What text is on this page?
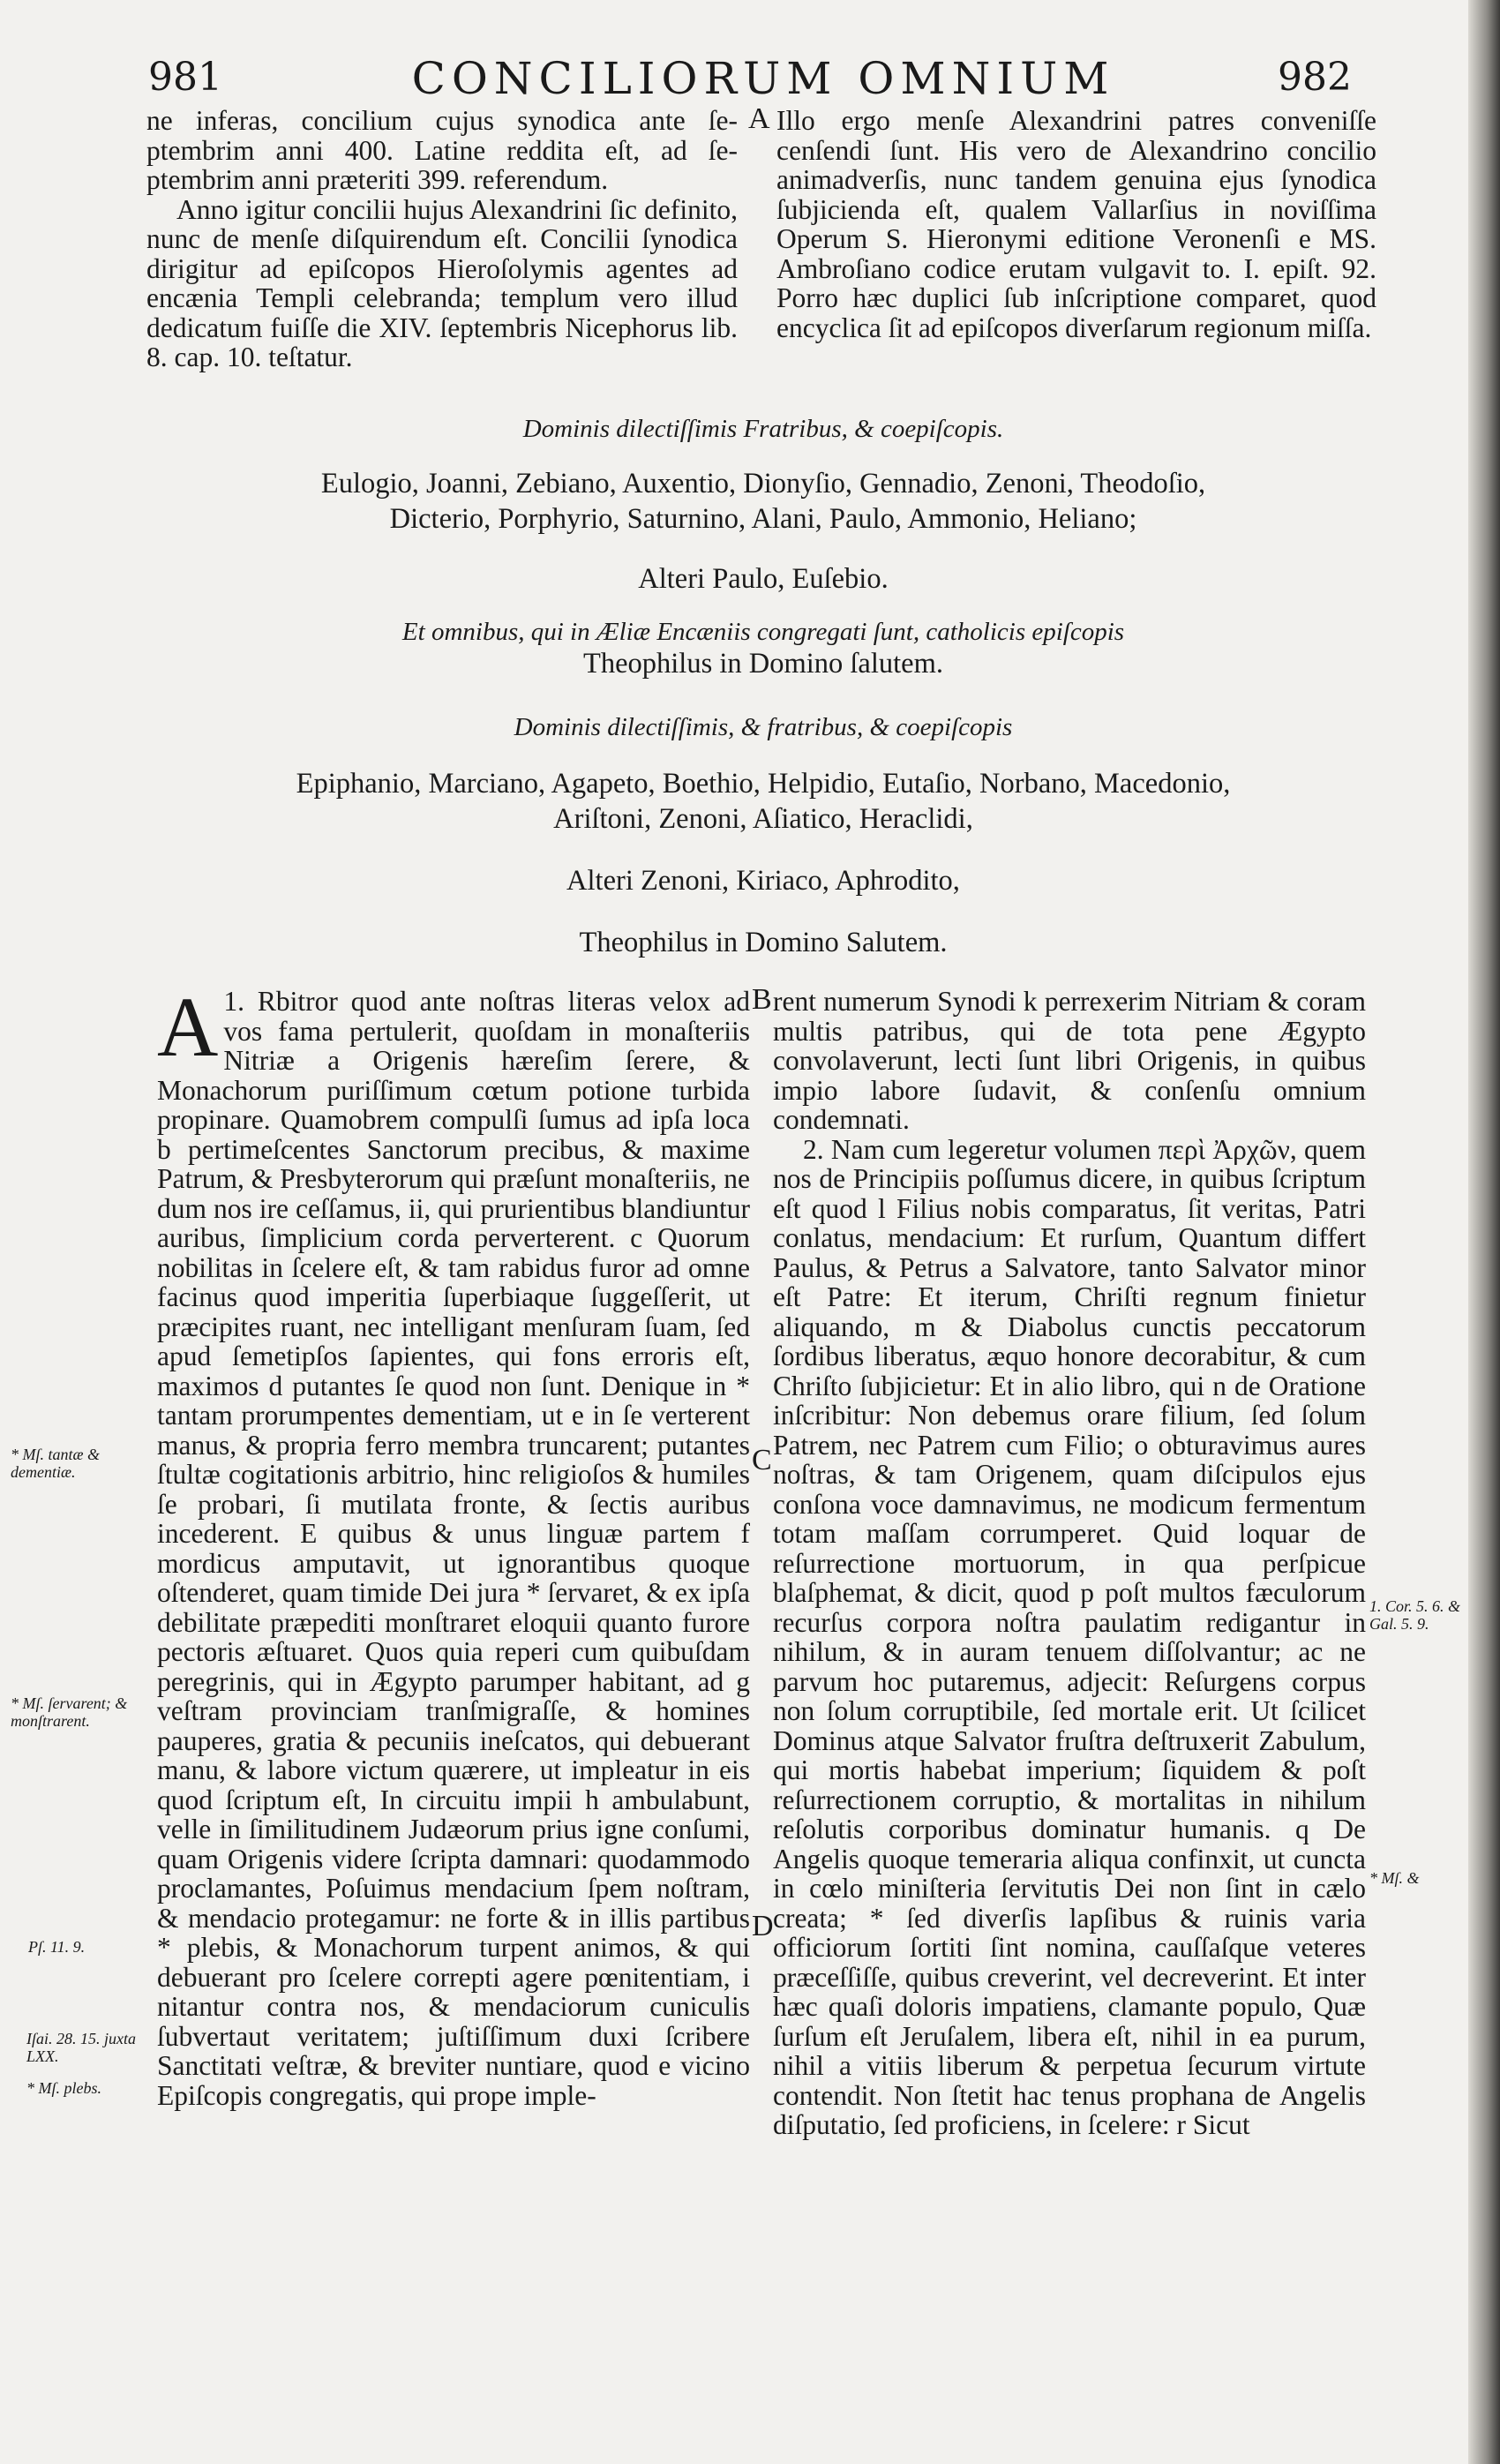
981	CONCILIORUM OMNIUM	982

ne inferas, concilium cujus synodica ante ſe-ptembrim anni 400. Latine reddita eſt, ad ſe-ptembrim anni præteriti 399. referendum.

Anno igitur concilii hujus Alexandrini ſic definito, nunc de menſe diſquirendum eſt. Concilii ſynodica dirigitur ad epiſcopos Hieroſolymis agentes ad encænia Templi celebranda; templum vero illud dedicatum fuiſſe die XIV. ſeptembris Nicephorus lib. 8. cap. 10. teſtatur.

A Illo ergo menſe Alexandrini patres conveniſſe cenſendi ſunt. His vero de Alexandrino concilio animadverſis, nunc tandem genuina ejus ſynodica ſubjicienda eſt, qualem Vallarſius in noviſſima Operum S. Hieronymi editione Veronenſi e MS. Ambroſiano codice erutam vulgavit to. I. epiſt. 92. Porro hæc duplici ſub inſcriptione comparet, quod encyclica ſit ad epiſcopos diverſarum regionum miſſa.

Dominis dilectiſſimis Fratribus, & coepiſcopis.
Eulogio, Joanni, Zebiano, Auxentio, Dionyſio, Gennadio, Zenoni, Theodoſio,
Dicterio, Porphyrio, Saturnino, Alani, Paulo, Ammonio, Heliano;
Alteri Paulo, Euſebio.
Et omnibus, qui in Æliæ Encæniis congregati ſunt, catholicis epiſcopis
Theophilus in Domino ſalutem.
Dominis dilectiſſimis, & fratribus, & coepiſcopis
Epiphanio, Marciano, Agapeto, Boethio, Helpidio, Eutaſio, Norbano, Macedonio,
Ariſtoni, Zenoni, Aſiatico, Heraclidi,
Alteri Zenoni, Kiriaco, Aphrodito,
Theophilus in Domino Salutem.
* Mſ. tantæ & dementiæ.
* Mſ. ſervarent; & monſtrarent.
Pſ. 11. 9.
Iſai. 28. 15. juxta LXX.
* Mſ. plebs.

1.
A Rbitror quod ante noſtras literas velox ad vos fama pertulerit, quoſdam in monaſteriis Nitriæ a Origenis hæreſim ſerere, & Monachorum puriſſimum cœtum potione turbida propinare. Quamobrem compulſi ſumus ad ipſa loca b pertimeſcentes Sanctorum precibus, & maxime Patrum, & Presbyterorum qui præſunt monaſteriis, ne dum nos ire ceſſamus, ii, qui prurientibus blandiuntur auribus, ſimplicium corda perverterent. c Quorum nobilitas in ſcelere eſt, & tam rabidus furor ad omne facinus quod imperitia ſuperbiaque ſuggeſſerit, ut præcipites ruant, nec intelligant menſuram ſuam, ſed apud ſemetipſos ſapientes, qui fons erroris eſt, maximos d putantes ſe quod non ſunt. Denique in * tantam prorumpentes dementiam, ut e in ſe verterent manus, & propria ferro membra truncarent; putantes ſtultæ cogitationis arbitrio, hinc religioſos & humiles ſe probari, ſi mutilata fronte, & ſectis auribus incederent. E quibus & unus linguæ partem f mordicus amputavit, ut ignorantibus quoque oſtenderet, quam timide Dei jura * ſervaret, & ex ipſa debilitate præpediti monſtraret eloquii quanto furore pectoris æſtuaret. Quos quia reperi cum quibuſdam peregrinis, qui in Ægypto parumper habitant, ad g veſtram provinciam tranſmigraſſe, & homines pauperes, gratia & pecuniis ineſcatos, qui debuerant manu, & labore victum quærere, ut impleatur in eis quod ſcriptum eſt, In circuitu impii h ambulabunt, velle in ſimilitudinem Judæorum prius igne conſumi, quam Origenis videre ſcripta damnari: quodammodo proclamantes, Poſuimus mendacium ſpem noſtram, & mendacio protegamur: ne forte & in illis partibus * plebis, & Monachorum turpent animos, & qui debuerant pro ſcelere correpti agere pœnitentiam, i nitantur contra nos, & mendaciorum cuniculis ſubvertaut veritatem; juſtiſſimum duxi ſcribere Sanctitati veſtræ, & breviter nuntiare, quod e vicino Epiſcopis congregatis, qui prope imple-

B
C
D

rent numerum Synodi k perrexerim Nitriam & coram multis patribus, qui de tota pene Ægypto convolaverunt, lecti ſunt libri Origenis, in quibus impio labore ſudavit, & conſenſu omnium condemnati.

2. Nam cum legeretur volumen περὶ Ἀρχῶν, quem nos de Principiis poſſumus dicere, in quibus ſcriptum eſt quod l Filius nobis comparatus, ſit veritas, Patri conlatus, mendacium: Et rurſum, Quantum differt Paulus, & Petrus a Salvatore, tanto Salvator minor eſt Patre: Et iterum, Chriſti regnum finietur aliquando, m & Diabolus cunctis peccatorum ſordibus liberatus, æquo honore decorabitur, & cum Chriſto ſubjicietur: Et in alio libro, qui n de Oratione inſcribitur: Non debemus orare filium, ſed ſolum Patrem, nec Patrem cum Filio; o obturavimus aures noſtras, & tam Origenem, quam diſcipulos ejus conſona voce damnavimus, ne modicum fermentum totam maſſam corrumperet. Quid loquar de reſurrectione mortuorum, in qua perſpicue blaſphemat, & dicit, quod p poſt multos fæculorum recurſus corpora noſtra paulatim redigantur in nihilum, & in auram tenuem diſſolvantur; ac ne parvum hoc putaremus, adjecit: Reſurgens corpus non ſolum corruptibile, ſed mortale erit. Ut ſcilicet Dominus atque Salvator fruſtra deſtruxerit Zabulum, qui mortis habebat imperium; ſiquidem & poſt reſurrectionem corruptio, & mortalitas in nihilum reſolutis corporibus dominatur humanis. q De Angelis quoque temeraria aliqua confinxit, ut cuncta in cœlo miniſteria ſervitutis Dei non ſint in cælo creata; * ſed diverſis lapſibus & ruinis varia officiorum ſortiti ſint nomina, cauſſaſque veteres præceſſiſſe, quibus creverint, vel decreverint. Et inter hæc quaſi doloris impatiens, clamante populo, Quæ ſurſum eſt Jeruſalem, libera eſt, nihil in ea purum, nihil a vitiis liberum & perpetua ſecurum virtute contendit. Non ſtetit hac tenus prophana de Angelis diſputatio, ſed proficiens, in ſcelere: r Sicut

1. Cor. 5. 6. & Gal. 5. 9.
* Mſ. &
